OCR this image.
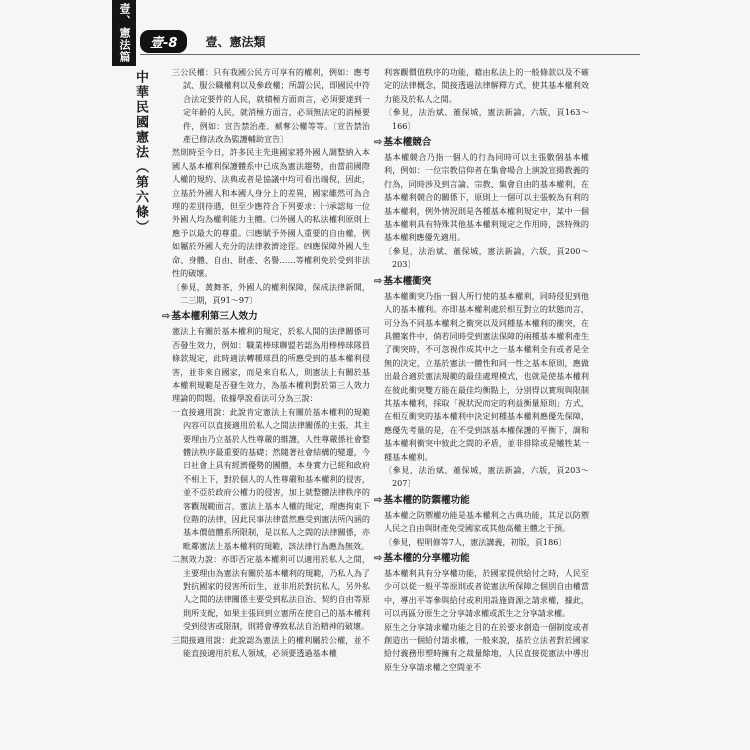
壹、憲法篇	壹-8	壹、憲法類
中華民國憲法（第六條）	三公民權：只有我國公民方可享有的權利，例如：應考試、服公職權利以及參政權；所謂公民，即國民中符合法定要件的人民，就積極方面而言，必須要達到一定年齡的人民，就消極方面言，必須無法定的消極要件，例如：宣告禁治產、褫奪公權等等。〔宣告禁治產已修法改為監護輔助宣告〕
然則時至今日，許多民主先進國家將外國人調整納入本國人基本權利保護體系中已成為憲法趨勢，由當前國際人權的規約、法典或者是協議中均可看出端倪，因此，立基於外國人和本國人身分上的差異，國家雖然可為合理的差別待遇，但至少應符合下列要求：㈠承認每一位外國人均為權利能力主體。㈡外國人的私法權利原則上應予以最大的尊重。㈢應賦予外國人重要的自由權，例如屬於外國人充分的法律救濟途徑。㈣應保障外國人生命、身體、自由、財產、名譽……等權利免於受到非法性的破壞。
〔參見，黃舞茶，外國人的權利保障，保成法律新聞，二三期，頁91～97〕
⇨ 基本權利第三人效力
憲法上有關於基本權利的規定，於私人間的法律關係可否發生效力，例如：職業棒球聯盟若認為用棒棒球隊員條款規定，此時適法轉種球員的所應受到的基本權利侵害，並非來自國家，而是來自私人，則憲法上有關於基本權利規範是否發生效力，為基本權利對於第三人效力理論的問題。依據學說看法可分為三說：
一直接適用說：此說肯定憲法上有關於基本權利的規範內容可以直接適用於私人之間法律關係的主張，其主要理由乃立基於人性尊嚴的維護，人性尊嚴係社會整體法秩序最重要的基礎；然隨著社會結構的變遷，今日社會上具有經濟優勢的團體，本身實力已經和政府不相上下，對於個人的人性尊嚴和基本權利的侵害，並不亞於政府公權力的侵害，加上就整體法律秩序的客觀規範面言，憲法上基本人權的規定，理應拘束下位階的法律，因此民事法律當然應受到憲法所內涵的基本價值體系所限制，是以私人之間的法律關係，亦毗鄰憲法上基本權利的規範，該法律行為應為無效。
二無效力說：亦即否定基本權利可以適用於私人之間，主要理由為憲法有關於基本權利的規範，乃私人為了對抗國家的侵害所衍生，並非用於對抗私人，另外私人之間的法律關係主要受到私法自治、契約自由等原則所支配，如果主張回到立憲所在使自己的基本權利受到侵害或限制，則將會導致私法自治精神的破壞。
三間接適用說：此說認為憲法上的權利屬於公權，並不能直接適用於私人領域，必須要透過基本權
利客觀價值秩序的功能，藉由私法上的一般條款以及不確定的法律概念，間接透過法律解釋方式，使其基本權利效力能及於私人之間。
〔參見，法治斌、董保城，憲法新論，六版，頁163～166〕
⇨ 基本權競合
基本權競合乃指一個人的行為同時可以主張數個基本權利，例如：一位宗教信仰者在集會場合上演說宣揚教義的行為，同時涉及到言論、宗教、集會自由的基本權利，在基本權利競合的關係下，原則上一個可以主張較為有利的基本權利，例外情況則是各種基本權利規定中，某中一個基本權利具有特殊其他基本權利規定之作用時，該特殊的基本權利應優先適用。
〔參見，法治斌、董保城，憲法新論，六版，頁200～203〕
⇨ 基本權衝突
基本權衝突乃指一個人所行使的基本權利，同時侵犯到他人的基本權利。亦即基本權利處於相互對立的狀態而言，可分為不同基本權利之衝突以及同種基本權利的衝突，在具體案件中，倘若同時受到憲法保障的兩種基本權利產生了衝突時，不可忽視作成其中之一基本權利全有或者是全無的決定，立基於憲法一體性和同一性之基本原則，應做出最合適於憲法規範的最佳處理模式，也就是使基本權利在彼此衝突雙方能在最佳均衡點上，分別得以實現與限制其基本權利，採取「視狀況而定的利益衡量原則」方式，在相互衝突的基本權利中決定何種基本權利應優先保障，應優先考量的是，在不受到該基本權保護的平衡下，調和基本權利衝突中彼此之間的矛盾，並非排除或是犧牲某一種基本權利。
〔參見，法治斌、董保城，憲法新論，六版，頁203～207〕
⇨ 基本權的防禦權功能
基本權之防禦權功能是基本權利之古典功能，其足以防禦人民之自由與財產免受國家或其他高權主體之干預。
〔參見，程明修等7人，憲法講義，初版，頁186〕
⇨ 基本權的分享權功能
基本權利具有分享權功能，於國家提供給付之時，人民至少可以從一般平等原則或者從憲法所保障之個別自由權當中，導出平等參與給付或利用設施資源之請求權，據此，可以再區分原生之分享請求權或派生之分享請求權。
原生之分享請求權功能之目的在於要求創造一個制度或者創造出一個給付請求權，一般來說，基於立法者對於國家給付義務形塑時擁有之裁量餘地，人民直接從憲法中導出原生分享請求權之空間並不
